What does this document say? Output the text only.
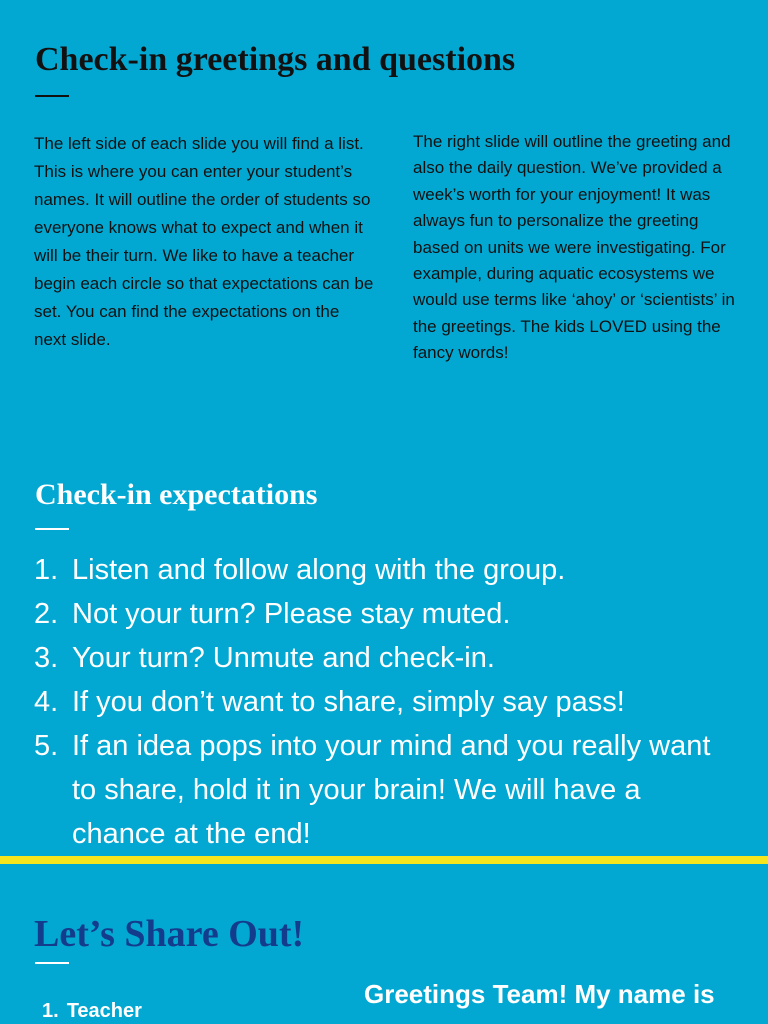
Check-in greetings and questions

The left side of each slide you will find a list. This is where you can enter your student’s names. It will outline the order of students so everyone knows what to expect and when it will be their turn. We like to have a teacher begin each circle so that expectations can be set. You can find the expectations on the next slide.

The right slide will outline the greeting and also the daily question. We’ve provided a week’s worth for your enjoyment! It was always fun to personalize the greeting based on units we were investigating. For example, during aquatic ecosystems we would use terms like ‘ahoy’ or ‘scientists’ in the greetings. The kids LOVED using the fancy words!

Check-in expectations
1. Listen and follow along with the group.
2. Not your turn? Please stay muted.
3. Your turn? Unmute and check-in.
4. If you don’t want to share, simply say pass!
5. If an idea pops into your mind and you really want to share, hold it in your brain! We will have a chance at the end!
Let’s Share Out!
1. Teacher

Greetings Team! My name is
